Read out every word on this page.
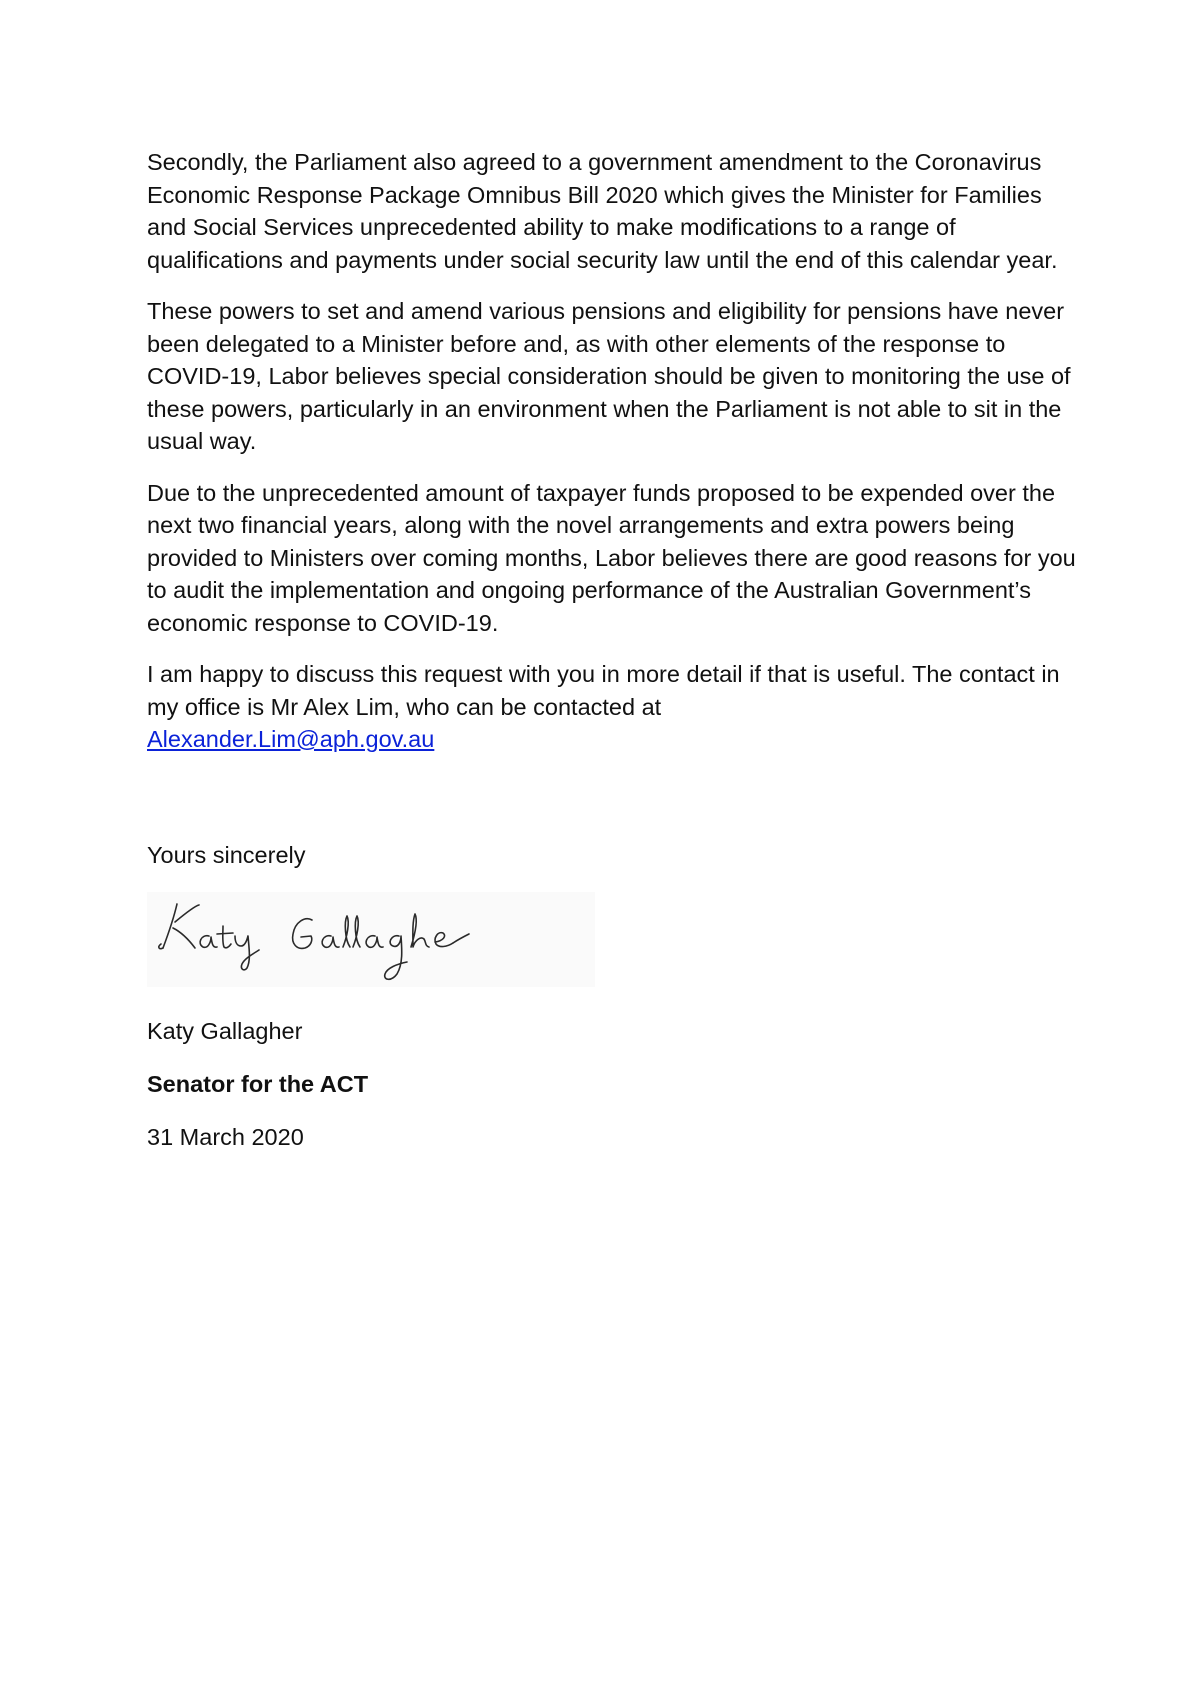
Secondly, the Parliament also agreed to a government amendment to the Coronavirus Economic Response Package Omnibus Bill 2020 which gives the Minister for Families and Social Services unprecedented ability to make modifications to a range of qualifications and payments under social security law until the end of this calendar year.

These powers to set and amend various pensions and eligibility for pensions have never been delegated to a Minister before and, as with other elements of the response to COVID-19, Labor believes special consideration should be given to monitoring the use of these powers, particularly in an environment when the Parliament is not able to sit in the usual way.

Due to the unprecedented amount of taxpayer funds proposed to be expended over the next two financial years, along with the novel arrangements and extra powers being provided to Ministers over coming months, Labor believes there are good reasons for you to audit the implementation and ongoing performance of the Australian Government’s economic response to COVID-19.

I am happy to discuss this request with you in more detail if that is useful. The contact in my office is Mr Alex Lim, who can be contacted at
Alexander.Lim@aph.gov.au

Yours sincerely
Katy Gallagher
Senator for the ACT
31 March 2020
